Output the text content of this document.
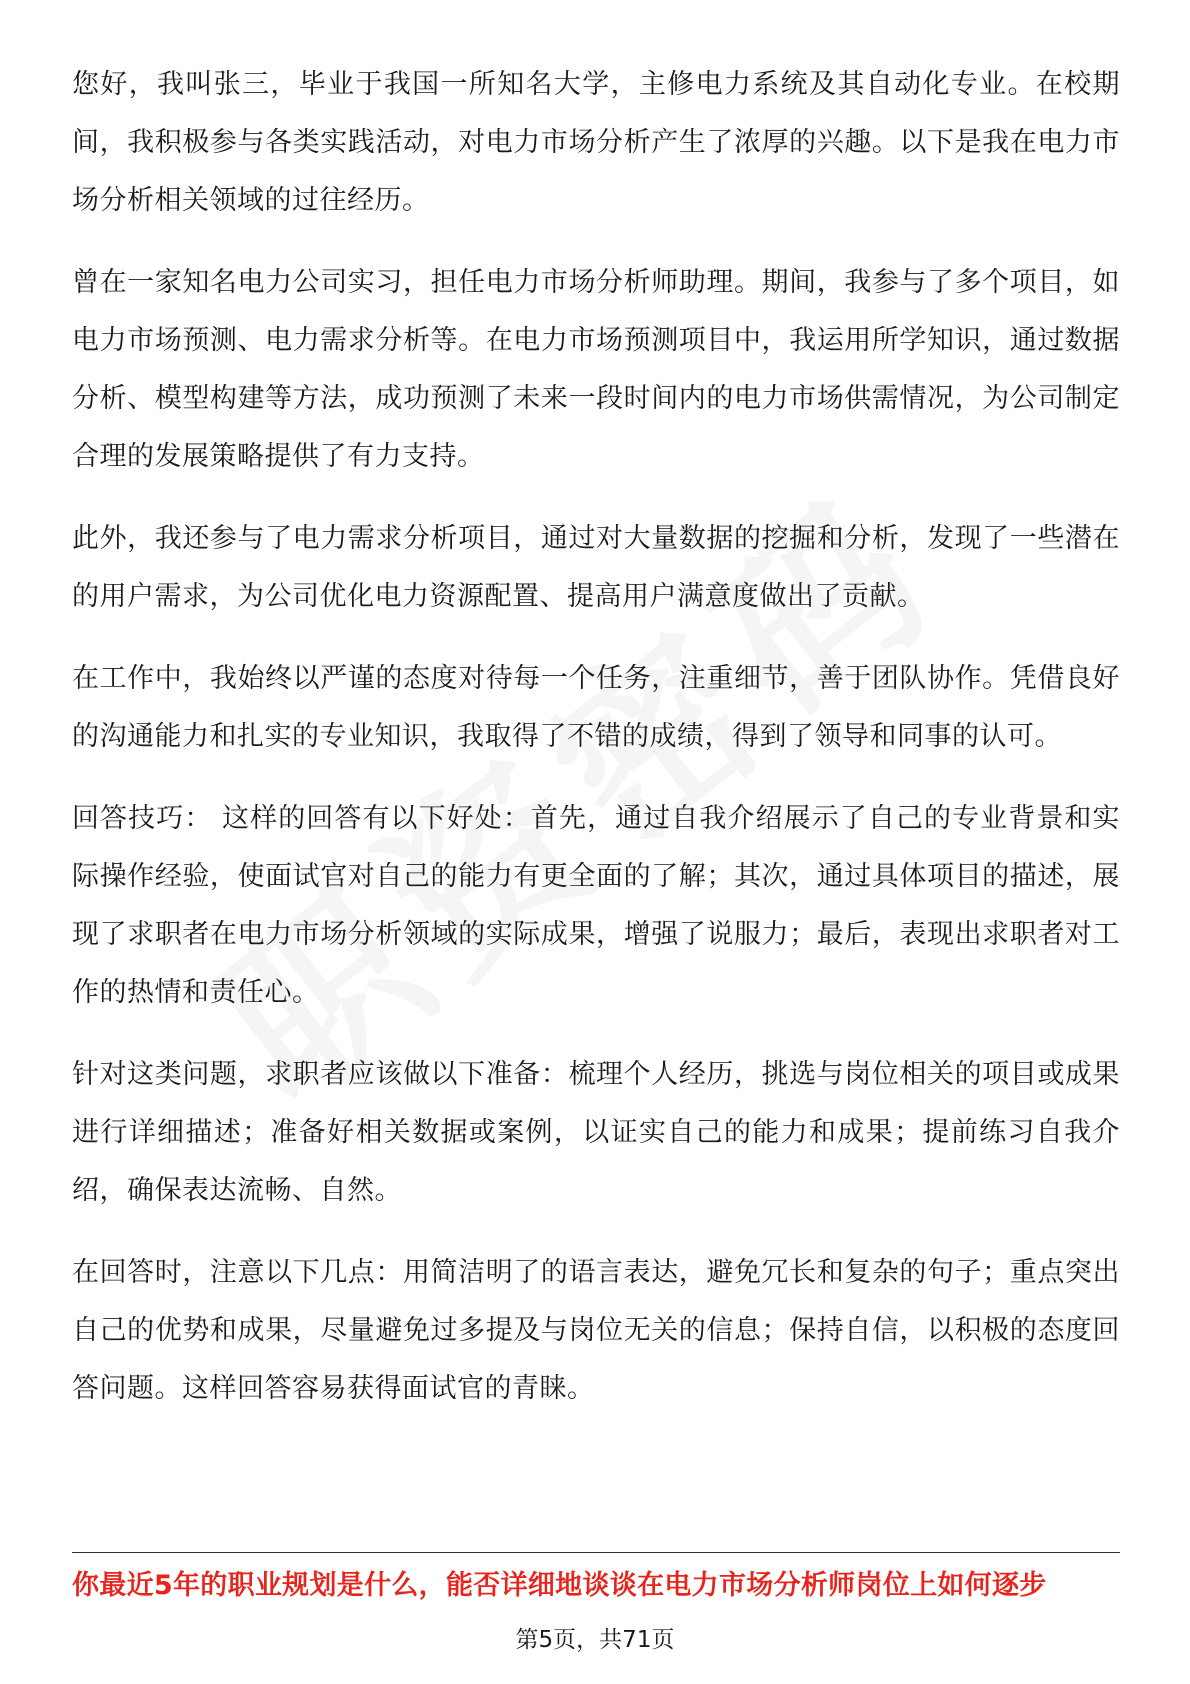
您好，我叫张三，毕业于我国一所知名大学，主修电力系统及其自动化专业。在校期间，我积极参与各类实践活动，对电力市场分析产生了浓厚的兴趣。以下是我在电力市场分析相关领域的过往经历。

曾在一家知名电力公司实习，担任电力市场分析师助理。期间，我参与了多个项目，如电力市场预测、电力需求分析等。在电力市场预测项目中，我运用所学知识，通过数据分析、模型构建等方法，成功预测了未来一段时间内的电力市场供需情况，为公司制定合理的发展策略提供了有力支持。

此外，我还参与了电力需求分析项目，通过对大量数据的挖掘和分析，发现了一些潜在的用户需求，为公司优化电力资源配置、提高用户满意度做出了贡献。

在工作中，我始终以严谨的态度对待每一个任务，注重细节，善于团队协作。凭借良好的沟通能力和扎实的专业知识，我取得了不错的成绩，得到了领导和同事的认可。

回答技巧： 这样的回答有以下好处：首先，通过自我介绍展示了自己的专业背景和实际操作经验，使面试官对自己的能力有更全面的了解；其次，通过具体项目的描述，展现了求职者在电力市场分析领域的实际成果，增强了说服力；最后，表现出求职者对工作的热情和责任心。

针对这类问题，求职者应该做以下准备：梳理个人经历，挑选与岗位相关的项目或成果进行详细描述；准备好相关数据或案例，以证实自己的能力和成果；提前练习自我介绍，确保表达流畅、自然。

在回答时，注意以下几点：用简洁明了的语言表达，避免冗长和复杂的句子；重点突出自己的优势和成果，尽量避免过多提及与岗位无关的信息；保持自信，以积极的态度回答问题。这样回答容易获得面试官的青睐。

你最近5年的职业规划是什么，能否详细地谈谈在电力市场分析师岗位上如何逐步
第5页，共71页
